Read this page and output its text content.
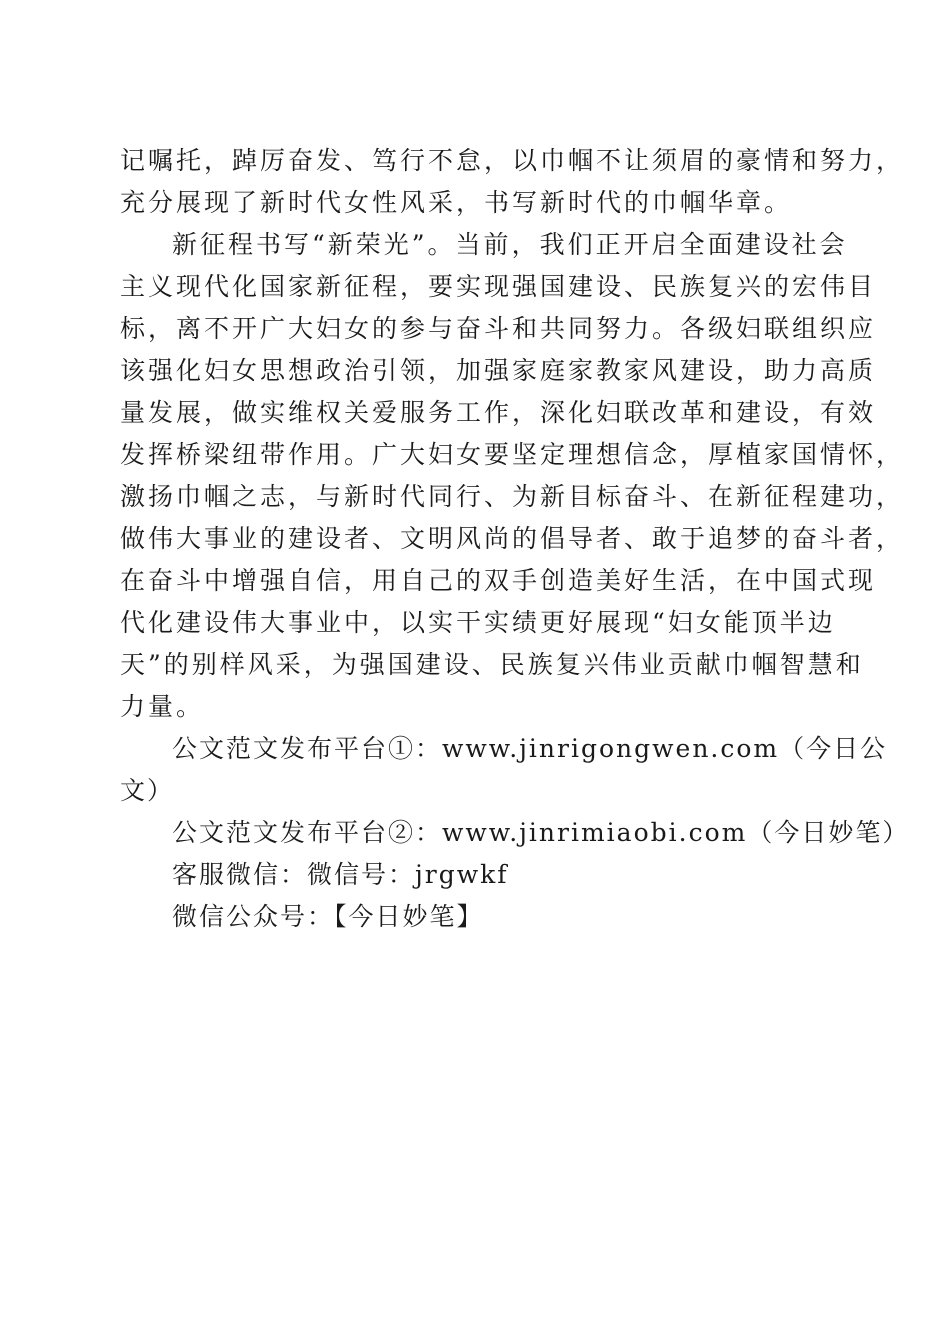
记嘱托，踔厉奋发、笃行不怠，以巾帼不让须眉的豪情和努力，
充分展现了新时代女性风采，书写新时代的巾帼华章。
新征程书写“新荣光”。当前，我们正开启全面建设社会
主义现代化国家新征程，要实现强国建设、民族复兴的宏伟目
标，离不开广大妇女的参与奋斗和共同努力。各级妇联组织应
该强化妇女思想政治引领，加强家庭家教家风建设，助力高质
量发展，做实维权关爱服务工作，深化妇联改革和建设，有效
发挥桥梁纽带作用。广大妇女要坚定理想信念，厚植家国情怀，
激扬巾帼之志，与新时代同行、为新目标奋斗、在新征程建功，
做伟大事业的建设者、文明风尚的倡导者、敢于追梦的奋斗者，
在奋斗中增强自信，用自己的双手创造美好生活，在中国式现
代化建设伟大事业中，以实干实绩更好展现“妇女能顶半边
天”的别样风采，为强国建设、民族复兴伟业贡献巾帼智慧和
力量。
公文范文发布平台①：www.jinrigongwen.com（今日公
文）
公文范文发布平台②：www.jinrimiaobi.com（今日妙笔）
客服微信：微信号：jrgwkf
微信公众号：【今日妙笔】
